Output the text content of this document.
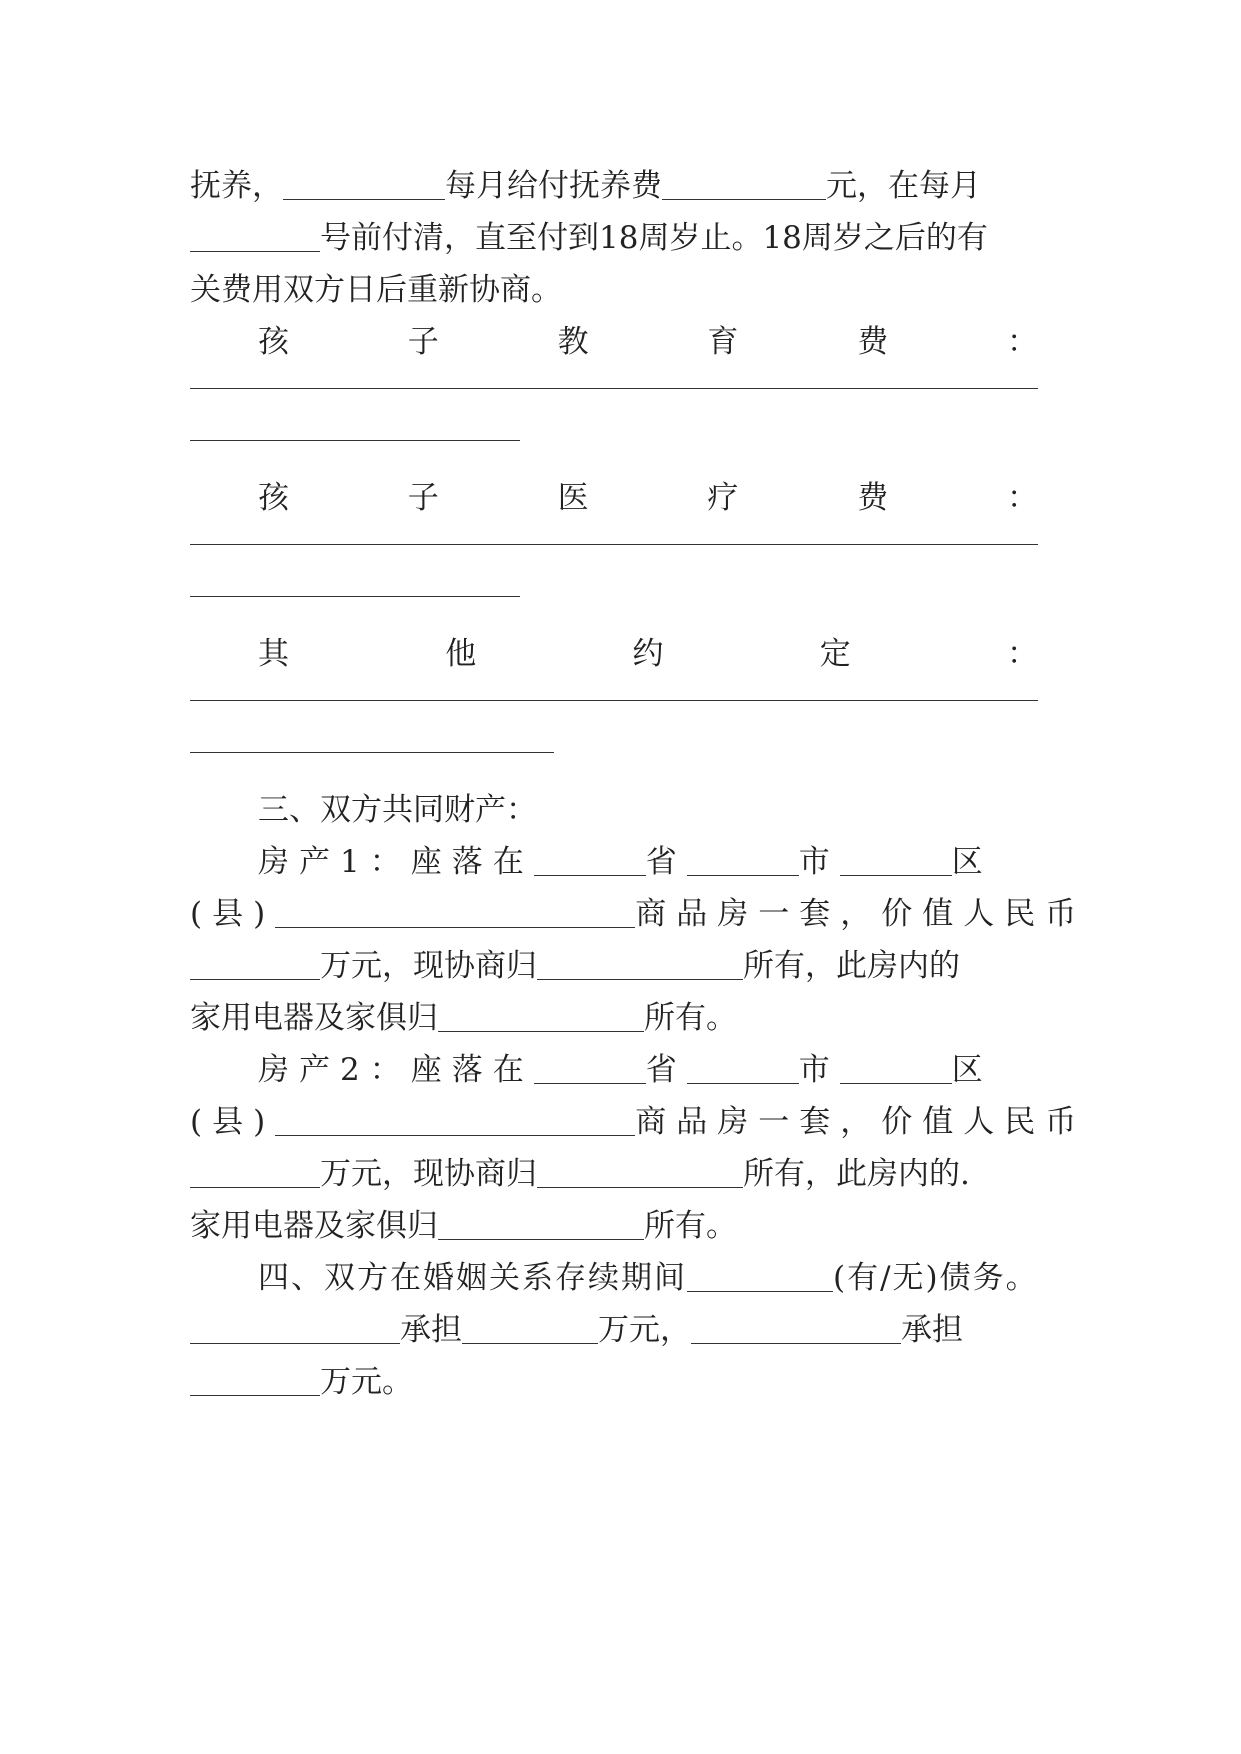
抚养，	每月给付抚养费	元，在每月
号前付清，直至付到18周岁止。18周岁之后的有
关费用双方日后重新协商。
孩	子	教	育	费	：
孩	子	医	疗	费	：
其	他	约	定	：
三、双方共同财产：
房产1：座落在	省	市	区
(县)	商品房一套，价值人民币
万元，现协商归	所有，此房内的
家用电器及家俱归	所有。
房产2：座落在	省	市	区
(县)	商品房一套，价值人民币
万元，现协商归	所有，此房内的.
家用电器及家俱归	所有。
四、双方在婚姻关系存续期间	(有/无)债务。
承担	万元，	承担
万元。
